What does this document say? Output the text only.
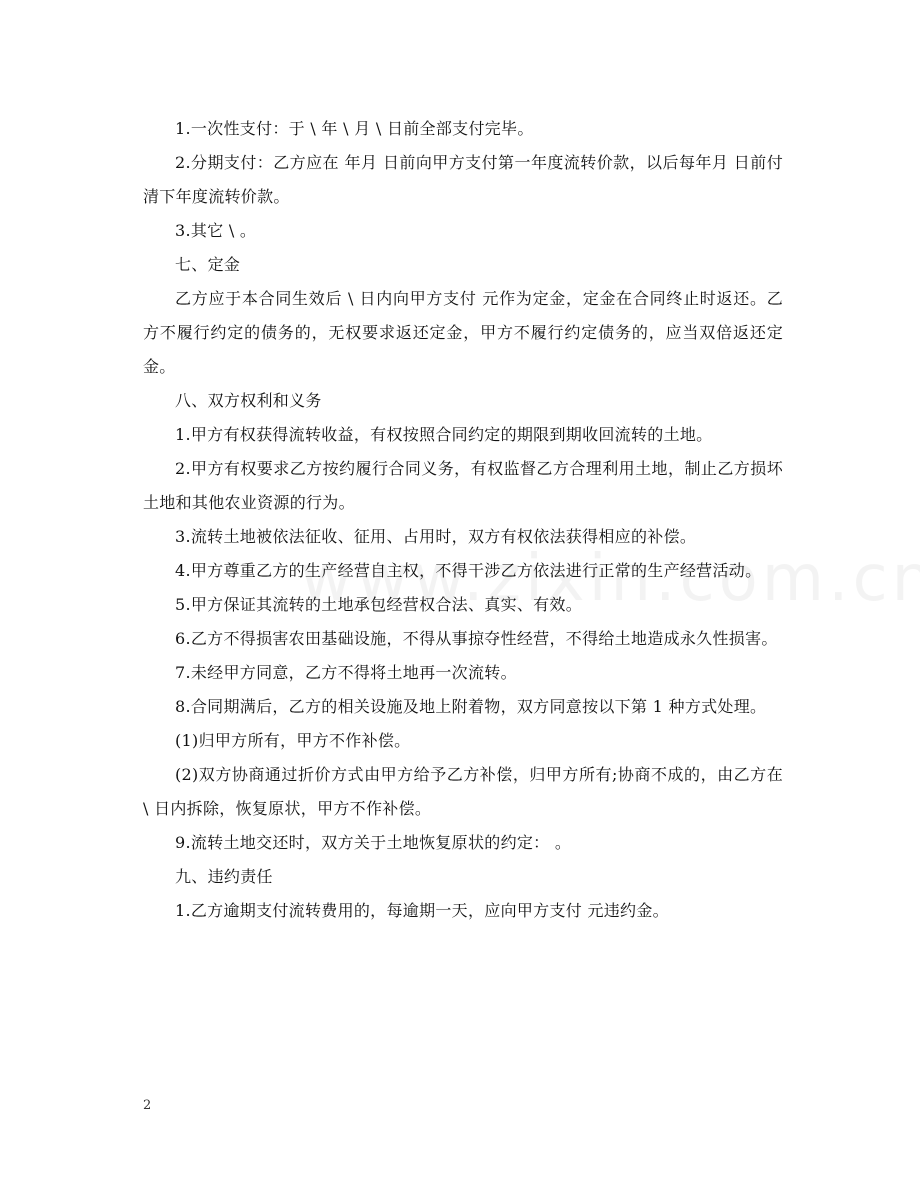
1.一次性支付：于 \ 年 \ 月 \ 日前全部支付完毕。

2.分期支付：乙方应在 年月 日前向甲方支付第一年度流转价款，以后每年月 日前付清下年度流转价款。

3.其它 \ 。

七、定金

乙方应于本合同生效后 \ 日内向甲方支付 元作为定金，定金在合同终止时返还。乙方不履行约定的债务的，无权要求返还定金，甲方不履行约定债务的，应当双倍返还定金。

八、双方权利和义务

1.甲方有权获得流转收益，有权按照合同约定的期限到期收回流转的土地。

2.甲方有权要求乙方按约履行合同义务，有权监督乙方合理利用土地，制止乙方损坏土地和其他农业资源的行为。

3.流转土地被依法征收、征用、占用时，双方有权依法获得相应的补偿。

4.甲方尊重乙方的生产经营自主权，不得干涉乙方依法进行正常的生产经营活动。

5.甲方保证其流转的土地承包经营权合法、真实、有效。

6.乙方不得损害农田基础设施，不得从事掠夺性经营，不得给土地造成永久性损害。

7.未经甲方同意，乙方不得将土地再一次流转。

8.合同期满后，乙方的相关设施及地上附着物，双方同意按以下第 1 种方式处理。

(1)归甲方所有，甲方不作补偿。

(2)双方协商通过折价方式由甲方给予乙方补偿，归甲方所有;协商不成的，由乙方在 \ 日内拆除，恢复原状，甲方不作补偿。

9.流转土地交还时，双方关于土地恢复原状的约定： 。

九、违约责任

1.乙方逾期支付流转费用的，每逾期一天，应向甲方支付 元违约金。

2
